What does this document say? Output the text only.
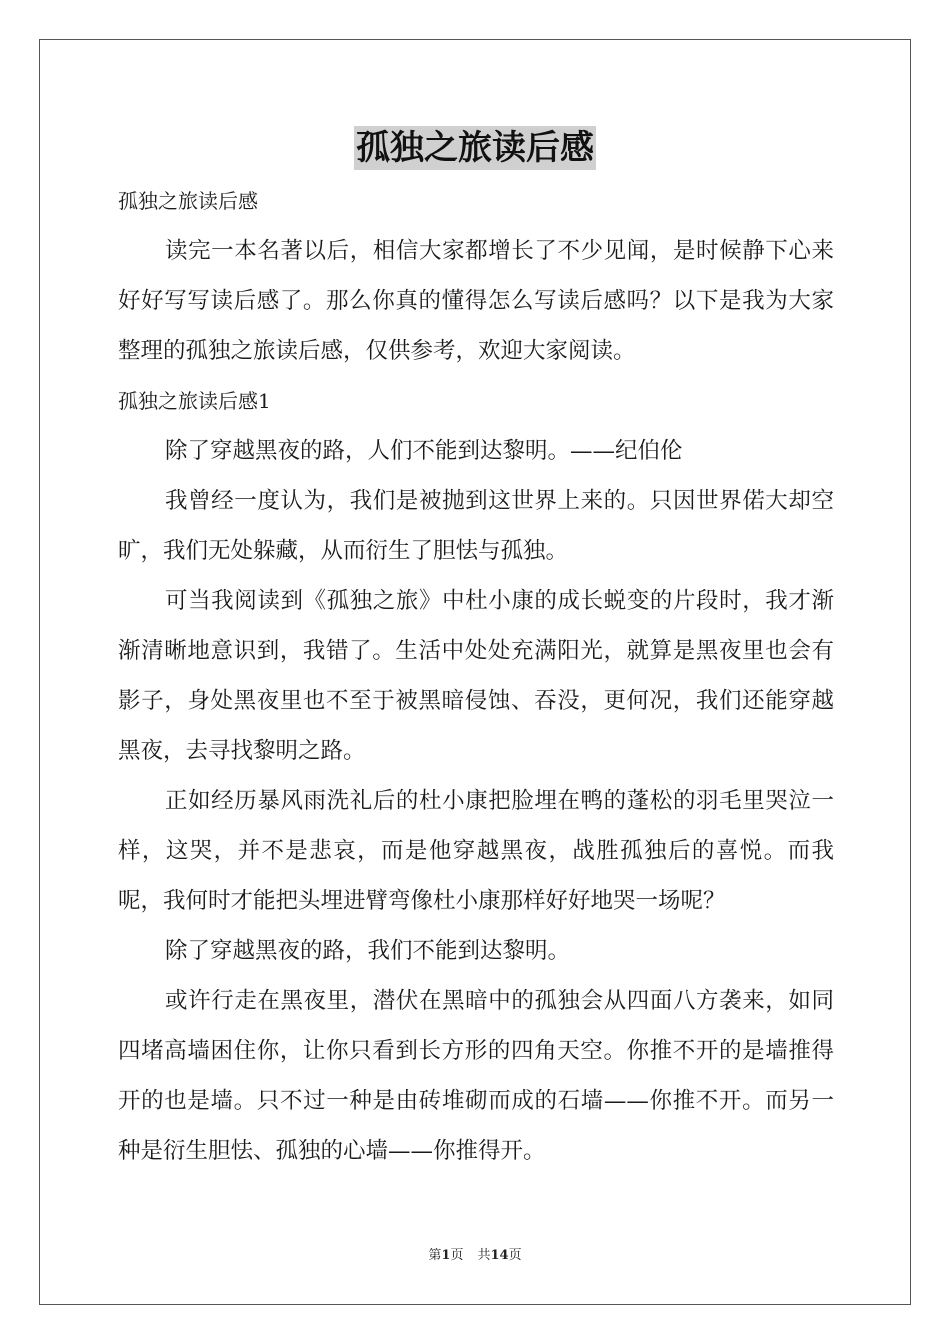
孤独之旅读后感

孤独之旅读后感

读完一本名著以后，相信大家都增长了不少见闻，是时候静下心来好好写写读后感了。那么你真的懂得怎么写读后感吗？以下是我为大家整理的孤独之旅读后感，仅供参考，欢迎大家阅读。

孤独之旅读后感1

除了穿越黑夜的路，人们不能到达黎明。——纪伯伦

我曾经一度认为，我们是被抛到这世界上来的。只因世界偌大却空旷，我们无处躲藏，从而衍生了胆怯与孤独。

可当我阅读到《孤独之旅》中杜小康的成长蜕变的片段时，我才渐渐清晰地意识到，我错了。生活中处处充满阳光，就算是黑夜里也会有影子，身处黑夜里也不至于被黑暗侵蚀、吞没，更何况，我们还能穿越黑夜，去寻找黎明之路。

正如经历暴风雨洗礼后的杜小康把脸埋在鸭的蓬松的羽毛里哭泣一样，这哭，并不是悲哀，而是他穿越黑夜，战胜孤独后的喜悦。而我呢，我何时才能把头埋进臂弯像杜小康那样好好地哭一场呢？

除了穿越黑夜的路，我们不能到达黎明。

或许行走在黑夜里，潜伏在黑暗中的孤独会从四面八方袭来，如同四堵高墙困住你，让你只看到长方形的四角天空。你推不开的是墙推得开的也是墙。只不过一种是由砖堆砌而成的石墙——你推不开。而另一种是衍生胆怯、孤独的心墙——你推得开。

第1页 共14页
